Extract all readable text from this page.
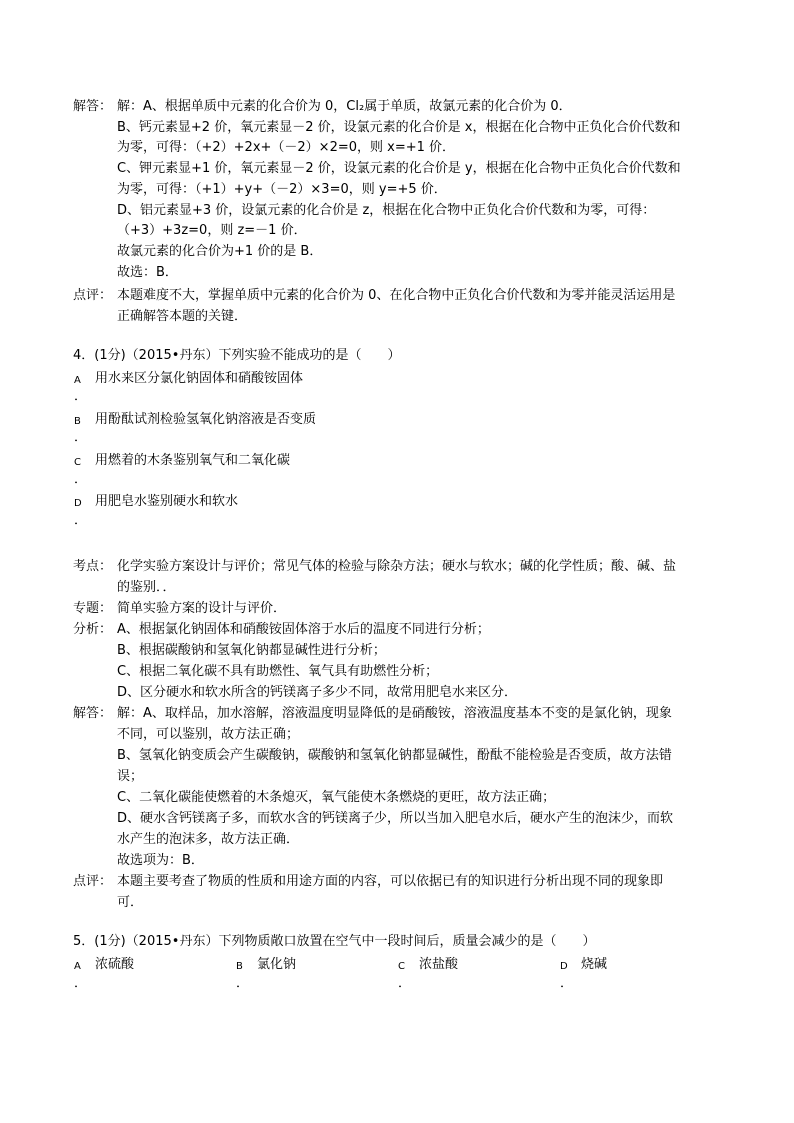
解答： 解：A、根据单质中元素的化合价为 0，Cl₂属于单质，故氯元素的化合价为 0．
B、钙元素显+2 价，氧元素显－2 价，设氯元素的化合价是 x，根据在化合物中正负化合价代数和
为零，可得：（+2）+2x+（－2）×2=0，则 x=+1 价．
C、钾元素显+1 价，氧元素显－2 价，设氯元素的化合价是 y，根据在化合物中正负化合价代数和
为零，可得：（+1）+y+（－2）×3=0，则 y=+5 价．
D、铝元素显+3 价，设氯元素的化合价是 z，根据在化合物中正负化合价代数和为零，可得：
（+3）+3z=0，则 z=－1 价．
故氯元素的化合价为+1 价的是 B．
故选：B．
点评： 本题难度不大，掌握单质中元素的化合价为 0、在化合物中正负化合价代数和为零并能灵活运用是
正确解答本题的关键．
4．(1分)（2015•丹东）下列实验不能成功的是（　　）
A 用水来区分氯化钠固体和硝酸铵固体
．
B 用酚酞试剂检验氢氧化钠溶液是否变质
．
C 用燃着的木条鉴别氧气和二氧化碳
．
D 用肥皂水鉴别硬水和软水
．
考点： 化学实验方案设计与评价；常见气体的检验与除杂方法；硬水与软水；碱的化学性质；酸、碱、盐
的鉴别．．
专题： 简单实验方案的设计与评价．
分析： A、根据氯化钠固体和硝酸铵固体溶于水后的温度不同进行分析；
B、根据碳酸钠和氢氧化钠都显碱性进行分析；
C、根据二氧化碳不具有助燃性、氧气具有助燃性分析；
D、区分硬水和软水所含的钙镁离子多少不同，故常用肥皂水来区分．
解答： 解：A、取样品，加水溶解，溶液温度明显降低的是硝酸铵，溶液温度基本不变的是氯化钠，现象
不同，可以鉴别，故方法正确；
B、氢氧化钠变质会产生碳酸钠，碳酸钠和氢氧化钠都显碱性，酚酞不能检验是否变质，故方法错
误；
C、二氧化碳能使燃着的木条熄灭，氧气能使木条燃烧的更旺，故方法正确；
D、硬水含钙镁离子多，而软水含的钙镁离子少，所以当加入肥皂水后，硬水产生的泡沫少，而软
水产生的泡沫多，故方法正确．
故选项为：B．
点评： 本题主要考查了物质的性质和用途方面的内容，可以依据已有的知识进行分析出现不同的现象即
可．
5．(1分)（2015•丹东）下列物质敞口放置在空气中一段时间后，质量会减少的是（　　）
A 浓硫酸
．
B 氯化钠
．
C 浓盐酸
．
D 烧碱
．
